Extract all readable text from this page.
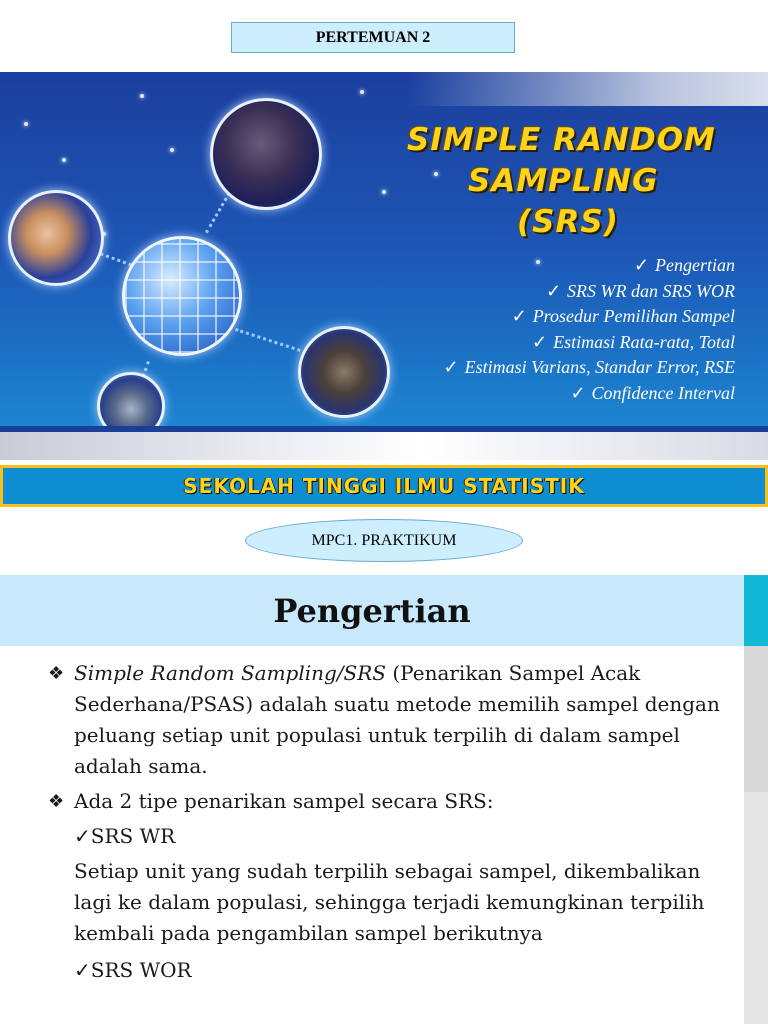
PERTEMUAN 2
SIMPLE RANDOM
SAMPLING
(SRS)
✓ Pengertian
✓ SRS WR dan SRS WOR
✓ Prosedur Pemilihan Sampel
✓ Estimasi Rata-rata, Total
✓ Estimasi Varians, Standar Error, RSE
✓ Confidence Interval
SEKOLAH TINGGI ILMU STATISTIK
MPC1. PRAKTIKUM
Pengertian
❖ Simple Random Sampling/SRS (Penarikan Sampel Acak Sederhana/PSAS) adalah suatu metode memilih sampel dengan peluang setiap unit populasi untuk terpilih di dalam sampel adalah sama.
❖ Ada 2 tipe penarikan sampel secara SRS:
✓SRS WR
Setiap unit yang sudah terpilih sebagai sampel, dikembalikan lagi ke dalam populasi, sehingga terjadi kemungkinan terpilih kembali pada pengambilan sampel berikutnya
✓SRS WOR
